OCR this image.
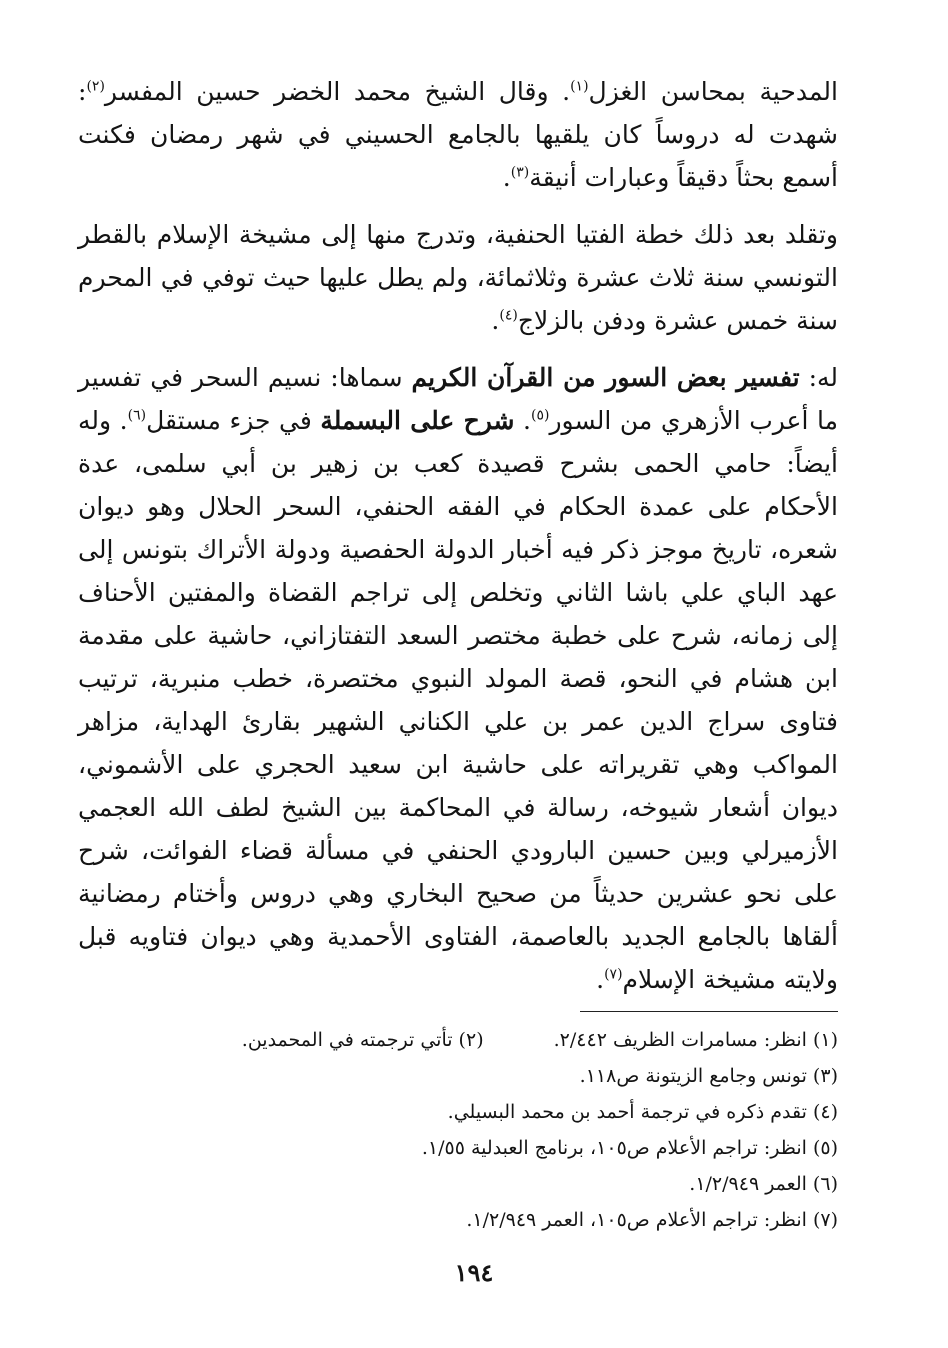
المدحية بمحاسن الغزل$^{(١)}$. وقال الشيخ محمد الخضر حسين المفسر$^{(٢)}$: شهدت له دروساً كان يلقيها بالجامع الحسيني في شهر رمضان فكنت أسمع بحثاً دقيقاً وعبارات أنيقة$^{(٣)}$.

وتقلد بعد ذلك خطة الفتيا الحنفية، وتدرج منها إلى مشيخة الإسلام بالقطر التونسي سنة ثلاث عشرة وثلاثمائة، ولم يطل عليها حيث توفي في المحرم سنة خمس عشرة ودفن بالزلاج$^{(٤)}$.

له: تفسير بعض السور من القرآن الكريم سماها: نسيم السحر في تفسير ما أعرب الأزهري من السور$^{(٥)}$. شرح على البسملة في جزء مستقل$^{(٦)}$. وله أيضاً: حامي الحمى بشرح قصيدة كعب بن زهير بن أبي سلمى، عدة الأحكام على عمدة الحكام في الفقه الحنفي، السحر الحلال وهو ديوان شعره، تاريخ موجز ذكر فيه أخبار الدولة الحفصية ودولة الأتراك بتونس إلى عهد الباي علي باشا الثاني وتخلص إلى تراجم القضاة والمفتين الأحناف إلى زمانه، شرح على خطبة مختصر السعد التفتازاني، حاشية على مقدمة ابن هشام في النحو، قصة المولد النبوي مختصرة، خطب منبرية، ترتيب فتاوى سراج الدين عمر بن علي الكناني الشهير بقارئ الهداية، مزاهر المواكب وهي تقريراته على حاشية ابن سعيد الحجري على الأشموني، ديوان أشعار شيوخه، رسالة في المحاكمة بين الشيخ لطف الله العجمي الأزميرلي وبين حسين البارودي الحنفي في مسألة قضاء الفوائت، شرح على نحو عشرين حديثاً من صحيح البخاري وهي دروس وأختام رمضانية ألقاها بالجامع الجديد بالعاصمة، الفتاوى الأحمدية وهي ديوان فتاويه قبل ولايته مشيخة الإسلام$^{(٧)}$.

(١) انظر: مسامرات الظريف ٢/٤٤٢.(٢) تأتي ترجمته في المحمدين.
(٣) تونس وجامع الزيتونة ص١١٨.
(٤) تقدم ذكره في ترجمة أحمد بن محمد البسيلي.
(٥) انظر: تراجم الأعلام ص١٠٥، برنامج العبدلية ١/٥٥.
(٦) العمر ١/٢/٩٤٩.
(٧) انظر: تراجم الأعلام ص١٠٥، العمر ١/٢/٩٤٩.
١٩٤
